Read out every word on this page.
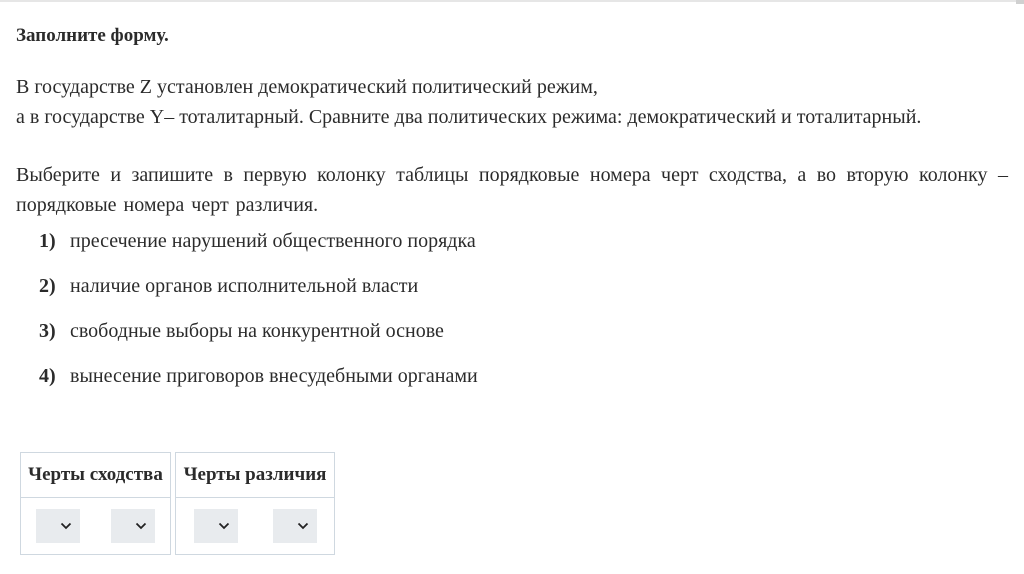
Заполните форму.

В государстве Z установлен демократический политический режим,
а в государстве Y– тоталитарный. Сравните два политических режима: демократический и тоталитарный.

Выберите и запишите в первую колонку таблицы порядковые номера черт сходства, а во вторую колонку – порядковые номера черт различия.

1) пресечение нарушений общественного порядка
2) наличие органов исполнительной власти
3) свободные выборы на конкурентной основе
4) вынесение приговоров внесудебными органами
Черты сходства	Черты различия
